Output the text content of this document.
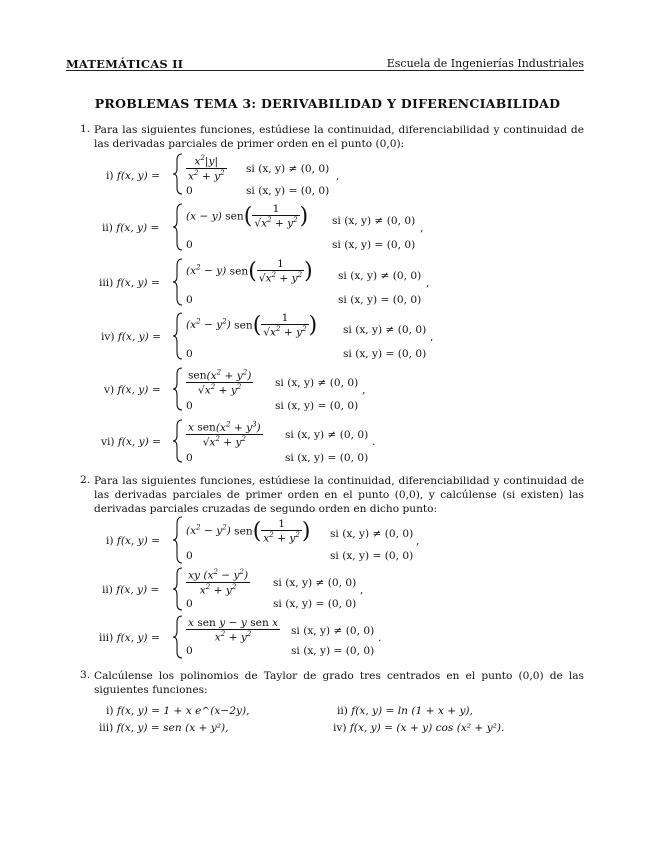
MATEMÁTICAS II	Escuela de Ingenierías Industriales
PROBLEMAS TEMA 3: DERIVABILIDAD Y DIFERENCIABILIDAD
1. Para las siguientes funciones, estúdiese la continuidad, diferenciabilidad y continuidad de las derivadas parciales de primer orden en el punto (0,0):
i) f(x, $y) = \frac{x^2|y|}{x^2 + y^2}$ si (x, y) ≠ (0, 0)
0	si (x, y) = (0, 0)
,
ii) f(x, y) =
(x − y) $sen( \frac{1}{√x^2 + y^2}$ ) si (x, y) ≠ (0, 0)
0	si (x, y) = (0, 0)
,
iii) f(x, y) =
$(x^2 - y)$ $sen( \frac{1}{√x^2 + y^2}$ ) si (x, y) ≠ (0, 0)
0	si (x, y) = (0, 0)
,
iv) f(x, y) =
$(x^2 - y^2)$ $sen( \frac{1}{√x^2 + y^2}$ ) si (x, y) ≠ (0, 0)
0	si (x, y) = (0, 0)
,
v) f(x, $y) = \frac{sen(x^2 + y^2)}{√x^2 + y^2}$ si (x, y) ≠ (0, 0)
0	si (x, y) = (0, 0)
,
vi) f(x, $y) = \frac{x sen(x^2 + y^3)}{√x^2 + y^2}$ si (x, y) ≠ (0, 0)
0	si (x, y) = (0, 0)
.
2. Para las siguientes funciones, estúdiese la continuidad, diferenciabilidad y continuidad de las derivadas parciales de primer orden en el punto (0,0), y calcúlense (si existen) las derivadas parciales cruzadas de segundo orden en dicho punto:
i) f(x, y) =
$(x^2 - y^2)$ $sen( \frac{1}{x^2 + y^2}$ ) si (x, y) ≠ (0, 0)
0	si (x, y) = (0, 0)
,
ii) f(x, y) =	$\frac{xy (x^2 - y^2)}{x^2 + y^2}$ si (x, y) ≠ (0, 0)
0	si (x, y) = (0, 0)
,
iii) f(x, $y) = \frac{\text{x sen y − y sen x}}{x^2 + y^2}$ si (x, y) ≠ (0, 0)
0	si (x, y) = (0, 0)
.
3. Calcúlense los polinomios de Taylor de grado tres centrados en el punto (0,0) de las siguientes funciones:
i) f(x, y) = 1 + x e^(x−2y),	ii) f(x, y) = ln (1 + x + y),
iii) f(x, y) = sen (x + y²),	iv) f(x, y) = (x + y) cos (x² + y²).
